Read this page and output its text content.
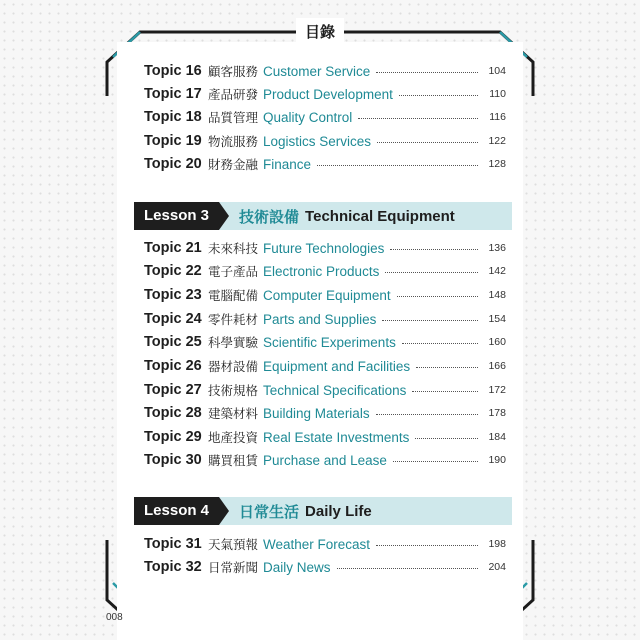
目錄
Topic 16 顧客服務 Customer Service	104
Topic 17 產品研發 Product Development	110
Topic 18 品質管理 Quality Control	116
Topic 19 物流服務 Logistics Services	122
Topic 20 財務金融 Finance	128
Lesson 3	技術設備 Technical Equipment
Topic 21 未來科技 Future Technologies	136
Topic 22 電子產品 Electronic Products	142
Topic 23 電腦配備 Computer Equipment	148
Topic 24 零件耗材 Parts and Supplies	154
Topic 25 科學實驗 Scientific Experiments	160
Topic 26 器材設備 Equipment and Facilities	166
Topic 27 技術規格 Technical Specifications	172
Topic 28 建築材料 Building Materials	178
Topic 29 地產投資 Real Estate Investments	184
Topic 30 購買租賃 Purchase and Lease	190
Lesson 4	日常生活 Daily Life
Topic 31 天氣預報 Weather Forecast	198
Topic 32 日常新聞 Daily News	204
008
